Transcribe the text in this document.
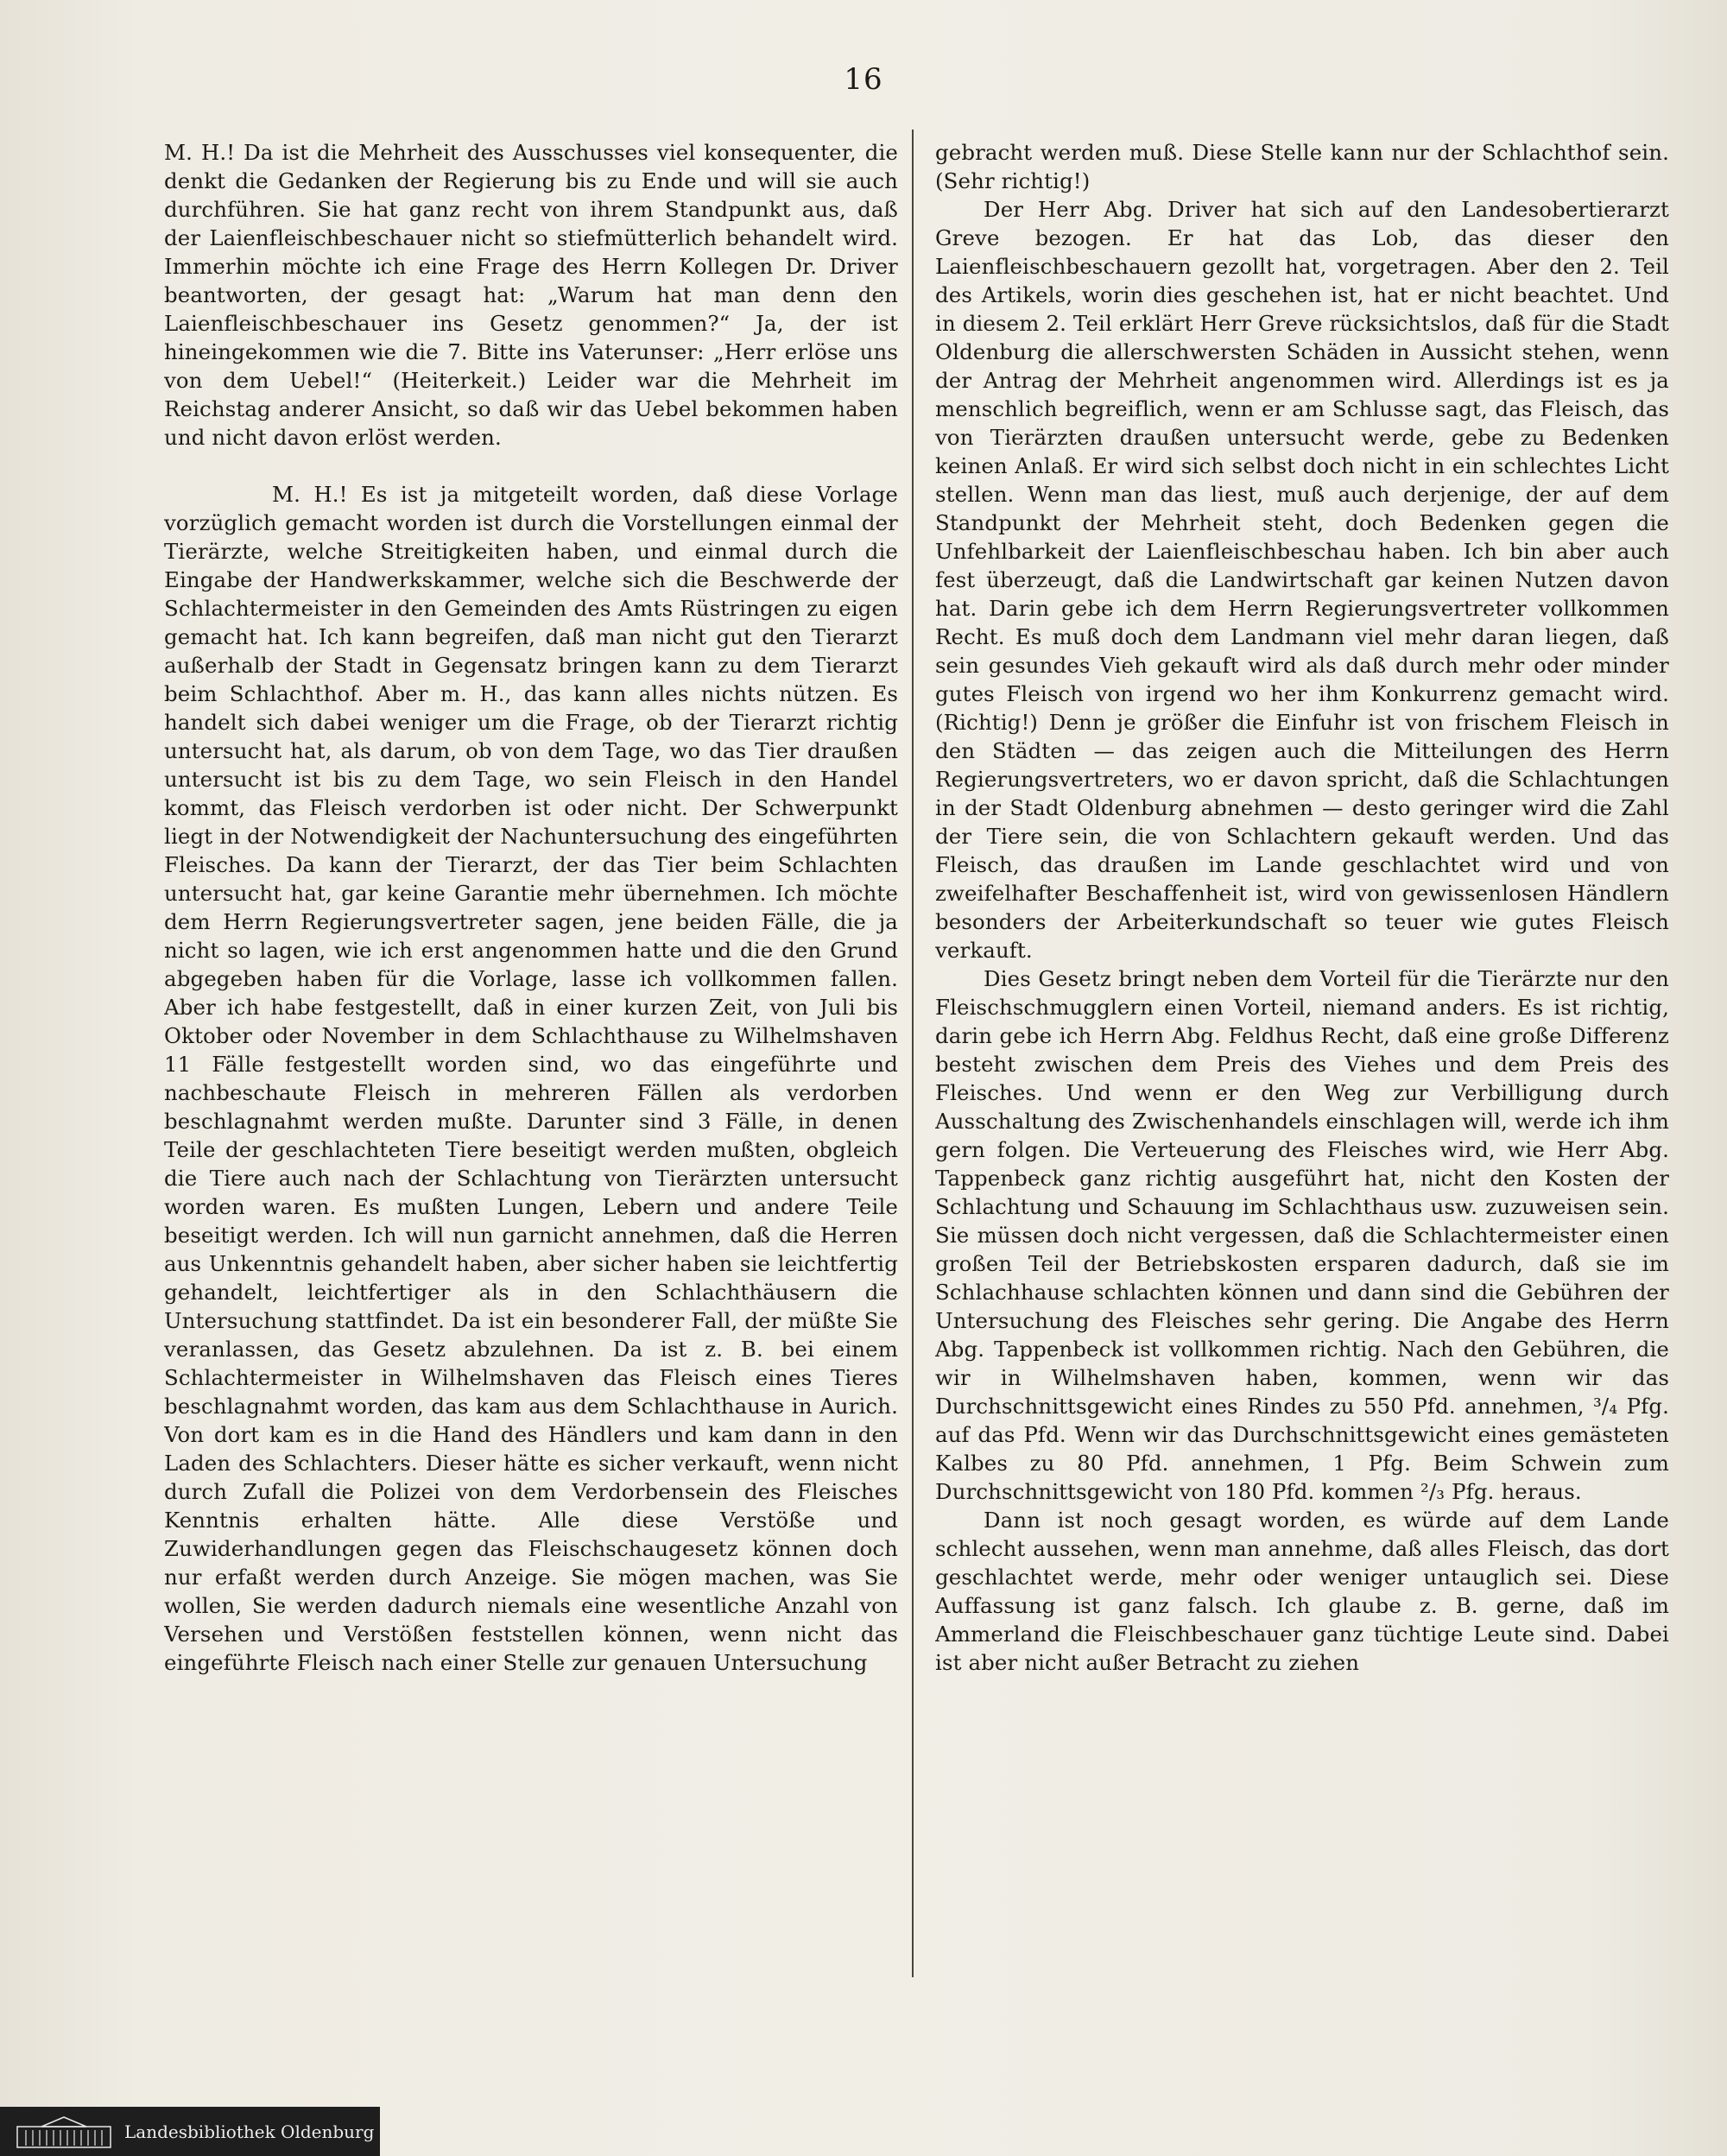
16

M. H.! Da ist die Mehrheit des Ausschusses viel konsequenter, die denkt die Gedanken der Regierung bis zu Ende und will sie auch durchführen. Sie hat ganz recht von ihrem Standpunkt aus, daß der Laienfleischbeschauer nicht so stiefmütterlich behandelt wird. Immerhin möchte ich eine Frage des Herrn Kollegen Dr. Driver beantworten, der gesagt hat: „Warum hat man denn den Laienfleischbeschauer ins Gesetz genommen?“ Ja, der ist hineingekommen wie die 7. Bitte ins Vaterunser: „Herr erlöse uns von dem Uebel!“ (Heiterkeit.) Leider war die Mehrheit im Reichstag anderer Ansicht, so daß wir das Uebel bekommen haben und nicht davon erlöst werden.

M. H.! Es ist ja mitgeteilt worden, daß diese Vorlage vorzüglich gemacht worden ist durch die Vorstellungen einmal der Tierärzte, welche Streitigkeiten haben, und einmal durch die Eingabe der Handwerkskammer, welche sich die Beschwerde der Schlachtermeister in den Gemeinden des Amts Rüstringen zu eigen gemacht hat. Ich kann begreifen, daß man nicht gut den Tierarzt außerhalb der Stadt in Gegensatz bringen kann zu dem Tierarzt beim Schlachthof. Aber m. H., das kann alles nichts nützen. Es handelt sich dabei weniger um die Frage, ob der Tierarzt richtig untersucht hat, als darum, ob von dem Tage, wo das Tier draußen untersucht ist bis zu dem Tage, wo sein Fleisch in den Handel kommt, das Fleisch verdorben ist oder nicht. Der Schwerpunkt liegt in der Notwendigkeit der Nachuntersuchung des eingeführten Fleisches. Da kann der Tierarzt, der das Tier beim Schlachten untersucht hat, gar keine Garantie mehr übernehmen. Ich möchte dem Herrn Regierungsvertreter sagen, jene beiden Fälle, die ja nicht so lagen, wie ich erst angenommen hatte und die den Grund abgegeben haben für die Vorlage, lasse ich vollkommen fallen. Aber ich habe festgestellt, daß in einer kurzen Zeit, von Juli bis Oktober oder November in dem Schlachthause zu Wilhelmshaven 11 Fälle festgestellt worden sind, wo das eingeführte und nachbeschaute Fleisch in mehreren Fällen als verdorben beschlagnahmt werden mußte. Darunter sind 3 Fälle, in denen Teile der geschlachteten Tiere beseitigt werden mußten, obgleich die Tiere auch nach der Schlachtung von Tierärzten untersucht worden waren. Es mußten Lungen, Lebern und andere Teile beseitigt werden. Ich will nun garnicht annehmen, daß die Herren aus Unkenntnis gehandelt haben, aber sicher haben sie leichtfertig gehandelt, leichtfertiger als in den Schlachthäusern die Untersuchung stattfindet. Da ist ein besonderer Fall, der müßte Sie veranlassen, das Gesetz abzulehnen. Da ist z. B. bei einem Schlachtermeister in Wilhelmshaven das Fleisch eines Tieres beschlagnahmt worden, das kam aus dem Schlachthause in Aurich. Von dort kam es in die Hand des Händlers und kam dann in den Laden des Schlachters. Dieser hätte es sicher verkauft, wenn nicht durch Zufall die Polizei von dem Verdorbensein des Fleisches Kenntnis erhalten hätte. Alle diese Verstöße und Zuwiderhandlungen gegen das Fleischschaugesetz können doch nur erfaßt werden durch Anzeige. Sie mögen machen, was Sie wollen, Sie werden dadurch niemals eine wesentliche Anzahl von Versehen und Verstößen feststellen können, wenn nicht das eingeführte Fleisch nach einer Stelle zur genauen Untersuchung

gebracht werden muß. Diese Stelle kann nur der Schlachthof sein. (Sehr richtig!)

Der Herr Abg. Driver hat sich auf den Landesobertierarzt Greve bezogen. Er hat das Lob, das dieser den Laienfleischbeschauern gezollt hat, vorgetragen. Aber den 2. Teil des Artikels, worin dies geschehen ist, hat er nicht beachtet. Und in diesem 2. Teil erklärt Herr Greve rücksichtslos, daß für die Stadt Oldenburg die allerschwersten Schäden in Aussicht stehen, wenn der Antrag der Mehrheit angenommen wird. Allerdings ist es ja menschlich begreiflich, wenn er am Schlusse sagt, das Fleisch, das von Tierärzten draußen untersucht werde, gebe zu Bedenken keinen Anlaß. Er wird sich selbst doch nicht in ein schlechtes Licht stellen. Wenn man das liest, muß auch derjenige, der auf dem Standpunkt der Mehrheit steht, doch Bedenken gegen die Unfehlbarkeit der Laienfleischbeschau haben. Ich bin aber auch fest überzeugt, daß die Landwirtschaft gar keinen Nutzen davon hat. Darin gebe ich dem Herrn Regierungsvertreter vollkommen Recht. Es muß doch dem Landmann viel mehr daran liegen, daß sein gesundes Vieh gekauft wird als daß durch mehr oder minder gutes Fleisch von irgend wo her ihm Konkurrenz gemacht wird. (Richtig!) Denn je größer die Einfuhr ist von frischem Fleisch in den Städten — das zeigen auch die Mitteilungen des Herrn Regierungsvertreters, wo er davon spricht, daß die Schlachtungen in der Stadt Oldenburg abnehmen — desto geringer wird die Zahl der Tiere sein, die von Schlachtern gekauft werden. Und das Fleisch, das draußen im Lande geschlachtet wird und von zweifelhafter Beschaffenheit ist, wird von gewissenlosen Händlern besonders der Arbeiterkundschaft so teuer wie gutes Fleisch verkauft.

Dies Gesetz bringt neben dem Vorteil für die Tierärzte nur den Fleischschmugglern einen Vorteil, niemand anders. Es ist richtig, darin gebe ich Herrn Abg. Feldhus Recht, daß eine große Differenz besteht zwischen dem Preis des Viehes und dem Preis des Fleisches. Und wenn er den Weg zur Verbilligung durch Ausschaltung des Zwischenhandels einschlagen will, werde ich ihm gern folgen. Die Verteuerung des Fleisches wird, wie Herr Abg. Tappenbeck ganz richtig ausgeführt hat, nicht den Kosten der Schlachtung und Schauung im Schlachthaus usw. zuzuweisen sein. Sie müssen doch nicht vergessen, daß die Schlachtermeister einen großen Teil der Betriebskosten ersparen dadurch, daß sie im Schlachhause schlachten können und dann sind die Gebühren der Untersuchung des Fleisches sehr gering. Die Angabe des Herrn Abg. Tappenbeck ist vollkommen richtig. Nach den Gebühren, die wir in Wilhelmshaven haben, kommen, wenn wir das Durchschnittsgewicht eines Rindes zu 550 Pfd. annehmen, ³/₄ Pfg. auf das Pfd. Wenn wir das Durchschnittsgewicht eines gemästeten Kalbes zu 80 Pfd. annehmen, 1 Pfg. Beim Schwein zum Durchschnittsgewicht von 180 Pfd. kommen ²/₃ Pfg. heraus.

Dann ist noch gesagt worden, es würde auf dem Lande schlecht aussehen, wenn man annehme, daß alles Fleisch, das dort geschlachtet werde, mehr oder weniger untauglich sei. Diese Auffassung ist ganz falsch. Ich glaube z. B. gerne, daß im Ammerland die Fleischbeschauer ganz tüchtige Leute sind. Dabei ist aber nicht außer Betracht zu ziehen

Landesbibliothek Oldenburg
